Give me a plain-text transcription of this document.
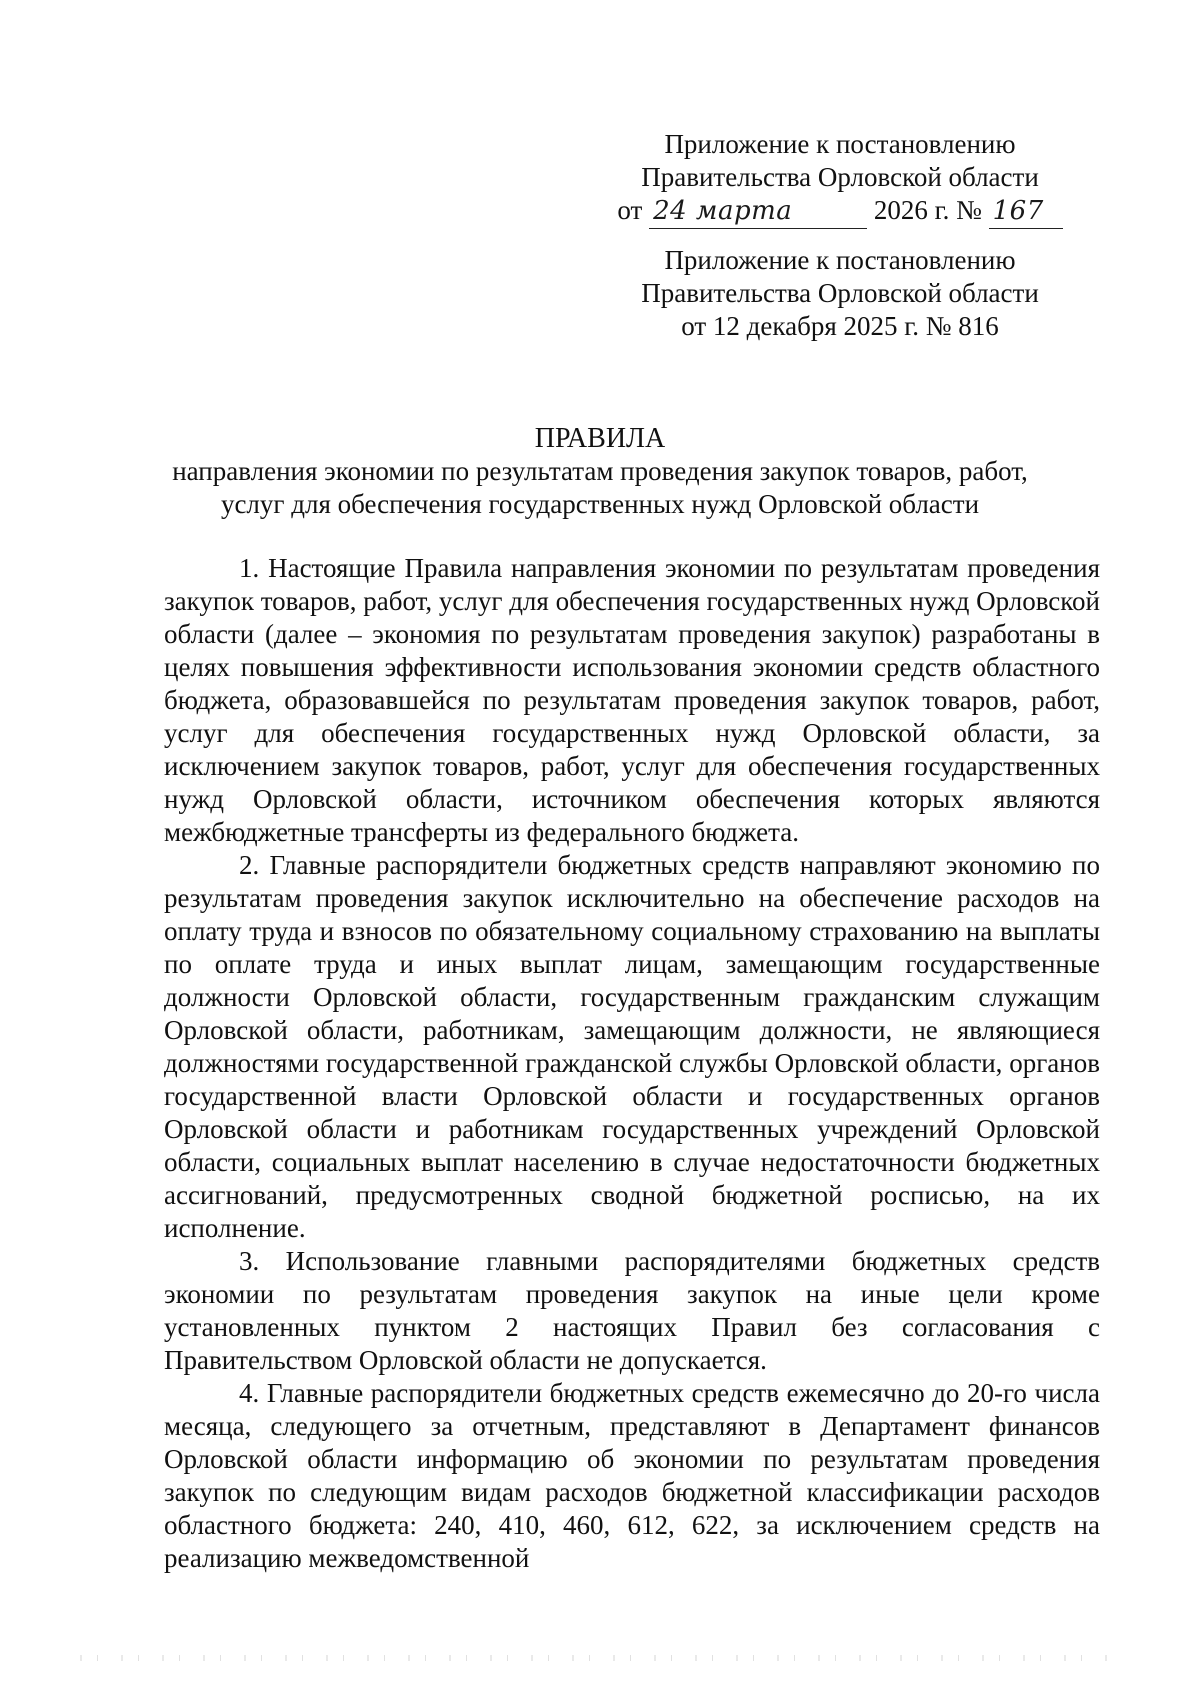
Приложение к постановлению

Правительства Орловской области

от 24 марта	2026 г. № 167

Приложение к постановлению

Правительства Орловской области

от 12 декабря 2025 г. № 816

ПРАВИЛА

направления экономии по результатам проведения закупок товаров, работ, услуг для обеспечения государственных нужд Орловской области

1. Настоящие Правила направления экономии по результатам проведения закупок товаров, работ, услуг для обеспечения государственных нужд Орловской области (далее – экономия по результатам проведения закупок) разработаны в целях повышения эффективности использования экономии средств областного бюджета, образовавшейся по результатам проведения закупок товаров, работ, услуг для обеспечения государственных нужд Орловской области, за исключением закупок товаров, работ, услуг для обеспечения государственных нужд Орловской области, источником обеспечения которых являются межбюджетные трансферты из федерального бюджета.

2. Главные распорядители бюджетных средств направляют экономию по результатам проведения закупок исключительно на обеспечение расходов на оплату труда и взносов по обязательному социальному страхованию на выплаты по оплате труда и иных выплат лицам, замещающим государственные должности Орловской области, государственным гражданским служащим Орловской области, работникам, замещающим должности, не являющиеся должностями государственной гражданской службы Орловской области, органов государственной власти Орловской области и государственных органов Орловской области и работникам государственных учреждений Орловской области, социальных выплат населению в случае недостаточности бюджетных ассигнований, предусмотренных сводной бюджетной росписью, на их исполнение.

3. Использование главными распорядителями бюджетных средств экономии по результатам проведения закупок на иные цели кроме установленных пунктом 2 настоящих Правил без согласования с Правительством Орловской области не допускается.

4. Главные распорядители бюджетных средств ежемесячно до 20-го числа месяца, следующего за отчетным, представляют в Департамент финансов Орловской области информацию об экономии по результатам проведения закупок по следующим видам расходов бюджетной классификации расходов областного бюджета: 240, 410, 460, 612, 622, за исключением средств на реализацию межведомственной
